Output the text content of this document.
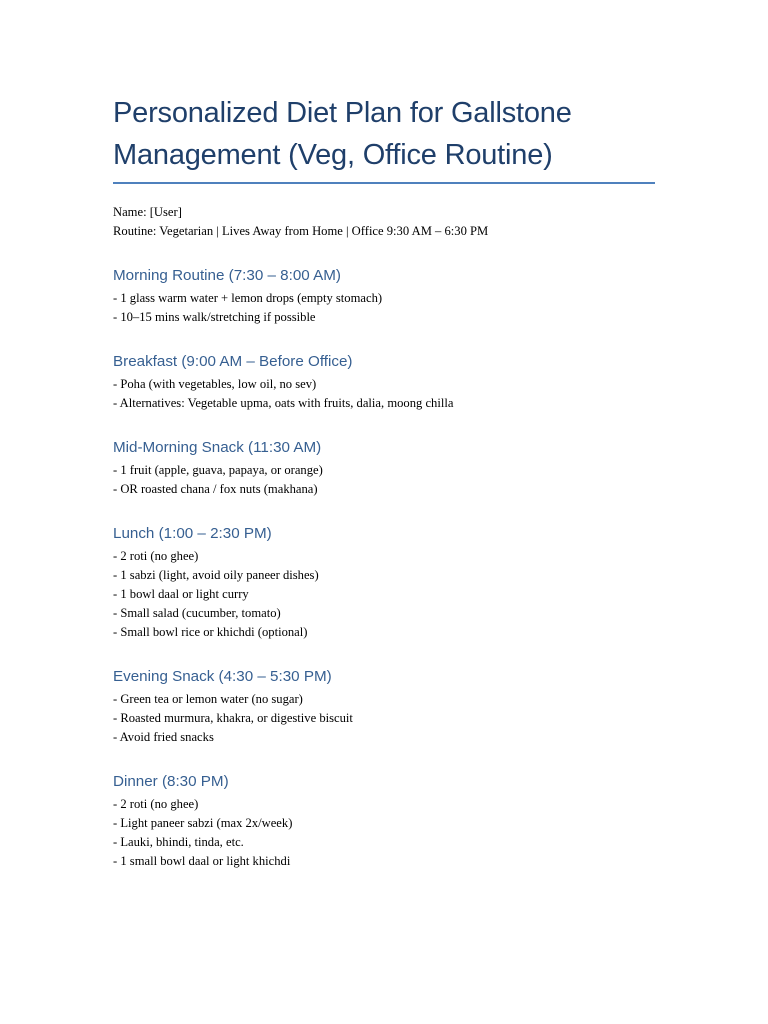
Personalized Diet Plan for Gallstone Management (Veg, Office Routine)
Name: [User]
Routine: Vegetarian | Lives Away from Home | Office 9:30 AM – 6:30 PM
Morning Routine (7:30 – 8:00 AM)
- 1 glass warm water + lemon drops (empty stomach)
- 10–15 mins walk/stretching if possible
Breakfast (9:00 AM – Before Office)
- Poha (with vegetables, low oil, no sev)
- Alternatives: Vegetable upma, oats with fruits, dalia, moong chilla
Mid-Morning Snack (11:30 AM)
- 1 fruit (apple, guava, papaya, or orange)
- OR roasted chana / fox nuts (makhana)
Lunch (1:00 – 2:30 PM)
- 2 roti (no ghee)
- 1 sabzi (light, avoid oily paneer dishes)
- 1 bowl daal or light curry
- Small salad (cucumber, tomato)
- Small bowl rice or khichdi (optional)
Evening Snack (4:30 – 5:30 PM)
- Green tea or lemon water (no sugar)
- Roasted murmura, khakra, or digestive biscuit
- Avoid fried snacks
Dinner (8:30 PM)
- 2 roti (no ghee)
- Light paneer sabzi (max 2x/week)
- Lauki, bhindi, tinda, etc.
- 1 small bowl daal or light khichdi
